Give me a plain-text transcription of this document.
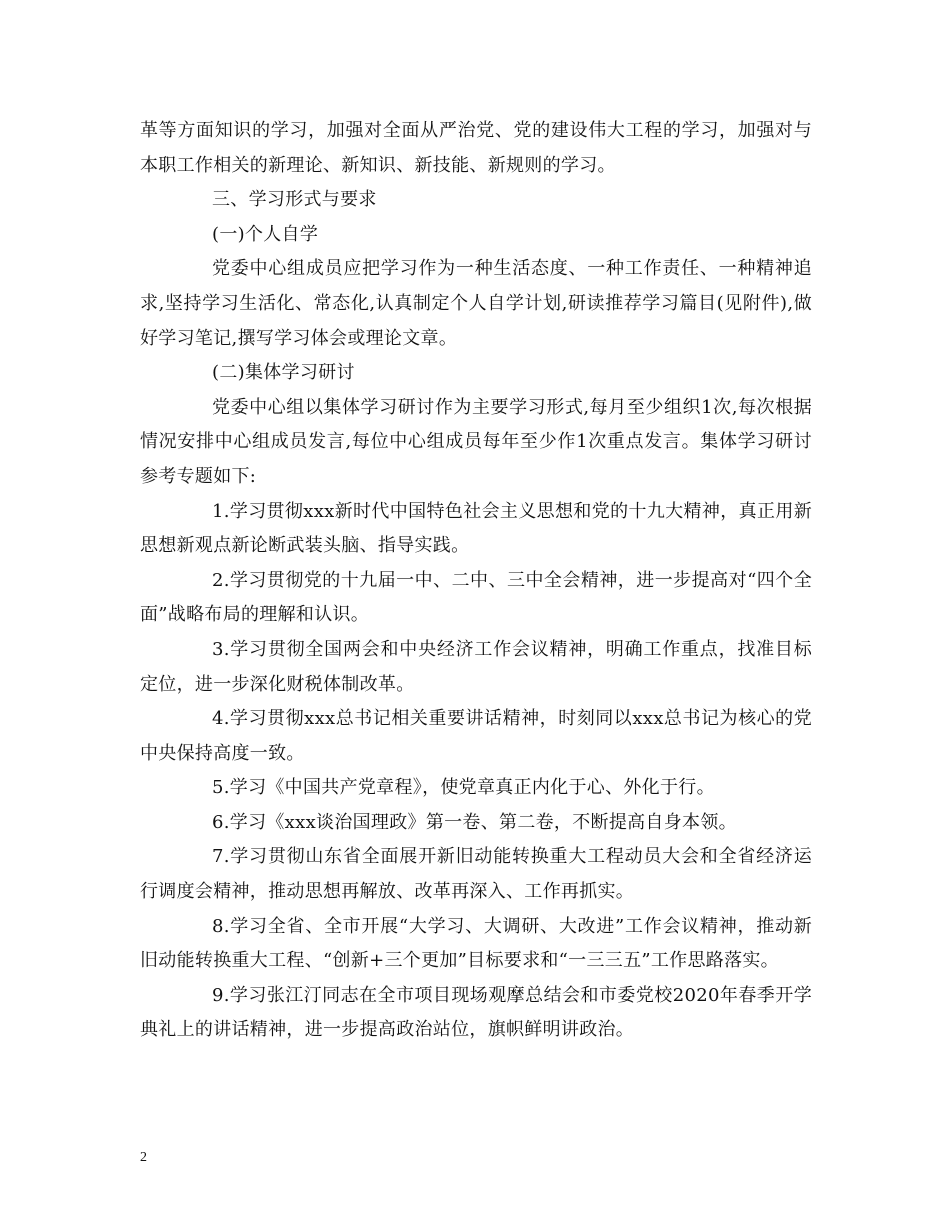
革等方面知识的学习，加强对全面从严治党、党的建设伟大工程的学习，加强对与本职工作相关的新理论、新知识、新技能、新规则的学习。

三、学习形式与要求

(一)个人自学

党委中心组成员应把学习作为一种生活态度、一种工作责任、一种精神追求,坚持学习生活化、常态化,认真制定个人自学计划,研读推荐学习篇目(见附件),做好学习笔记,撰写学习体会或理论文章。

(二)集体学习研讨

党委中心组以集体学习研讨作为主要学习形式,每月至少组织1次,每次根据情况安排中心组成员发言,每位中心组成员每年至少作1次重点发言。集体学习研讨参考专题如下:

1.学习贯彻xxx新时代中国特色社会主义思想和党的十九大精神，真正用新思想新观点新论断武装头脑、指导实践。

2.学习贯彻党的十九届一中、二中、三中全会精神，进一步提高对“四个全面”战略布局的理解和认识。

3.学习贯彻全国两会和中央经济工作会议精神，明确工作重点，找准目标定位，进一步深化财税体制改革。

4.学习贯彻xxx总书记相关重要讲话精神，时刻同以xxx总书记为核心的党中央保持高度一致。

5.学习《中国共产党章程》，使党章真正内化于心、外化于行。

6.学习《xxx谈治国理政》第一卷、第二卷，不断提高自身本领。

7.学习贯彻山东省全面展开新旧动能转换重大工程动员大会和全省经济运行调度会精神，推动思想再解放、改革再深入、工作再抓实。

8.学习全省、全市开展“大学习、大调研、大改进”工作会议精神，推动新旧动能转换重大工程、“创新+三个更加”目标要求和“一三三五”工作思路落实。

9.学习张江汀同志在全市项目现场观摩总结会和市委党校2020年春季开学典礼上的讲话精神，进一步提高政治站位，旗帜鲜明讲政治。

2
